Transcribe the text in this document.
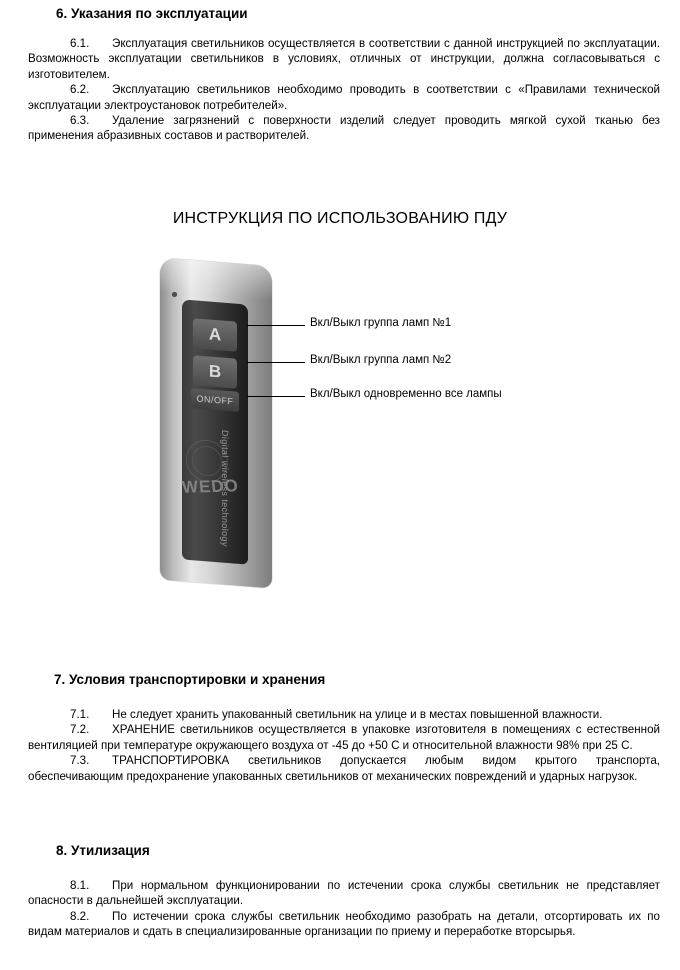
6. Указания по эксплуатации

6.1. Эксплуатация светильников осуществляется в соответствии с данной инструкцией по эксплуатации. Возможность эксплуатации светильников в условиях, отличных от инструкции, должна согласовываться с изготовителем.

6.2. Эксплуатацию светильников необходимо проводить в соответствии с «Правилами технической эксплуатации электроустановок потребителей».

6.3. Удаление загрязнений с поверхности изделий следует проводить мягкой сухой тканью без применения абразивных составов и растворителей.

ИНСТРУКЦИЯ ПО ИСПОЛЬЗОВАНИЮ ПДУ
A
B
ON/OFF
WEDO
Digital wireless technology
Вкл/Выкл группа ламп №1
Вкл/Выкл группа ламп №2
Вкл/Выкл одновременно все лампы
7. Условия транспортировки и хранения

7.1. Не следует хранить упакованный светильник на улице и в местах повышенной влажности.

7.2. ХРАНЕНИЕ светильников осуществляется в упаковке изготовителя в помещениях с естественной вентиляцией при температуре окружающего воздуха от -45 до +50 С и относительной влажности 98% при 25 С.

7.3. ТРАНСПОРТИРОВКА светильников допускается любым видом крытого транспорта, обеспечивающим предохранение упакованных светильников от механических повреждений и ударных нагрузок.

8. Утилизация

8.1. При нормальном функционировании по истечении срока службы светильник не представляет опасности в дальнейшей эксплуатации.

8.2. По истечении срока службы светильник необходимо разобрать на детали, отсортировать их по видам материалов и сдать в специализированные организации по приему и переработке вторсырья.
